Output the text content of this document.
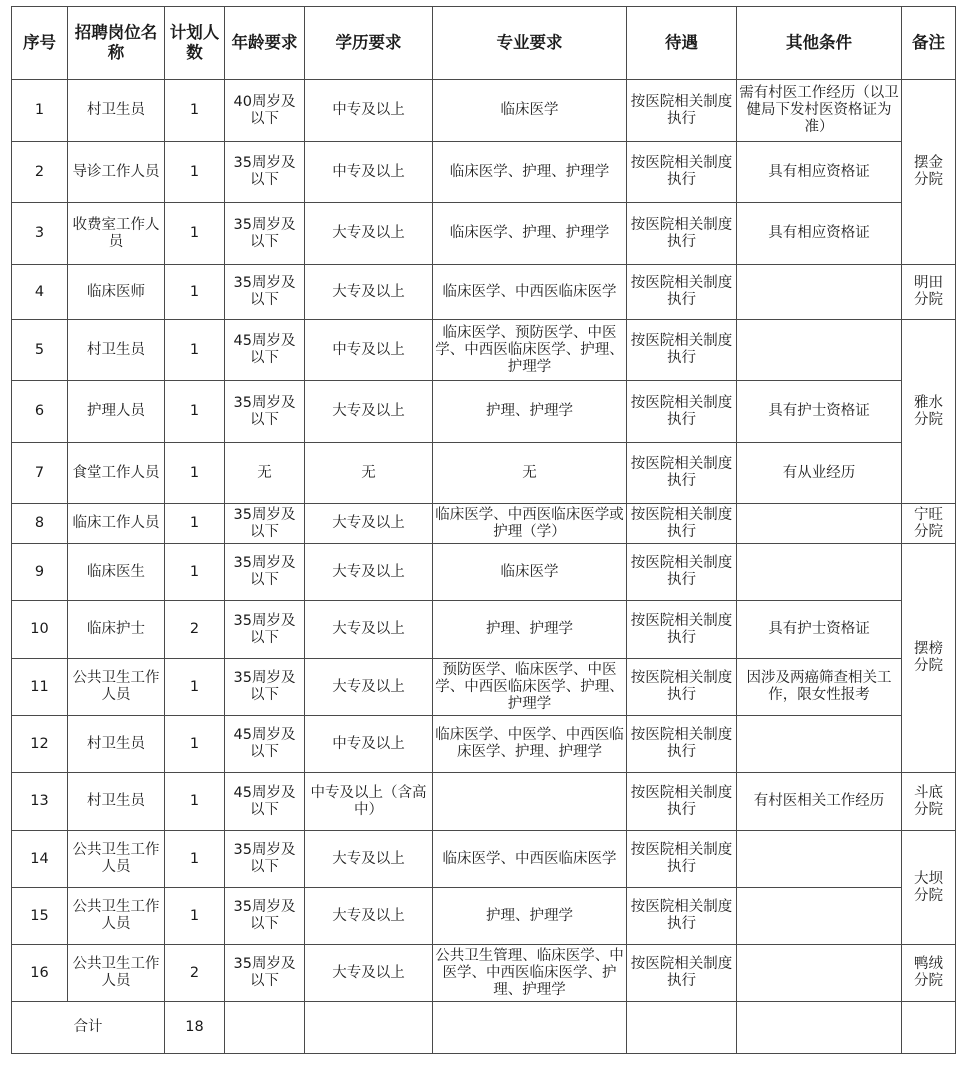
序号	招聘岗位名称	计划人数	年龄要求	学历要求	专业要求	待遇	其他条件	备注
1	村卫生员	1	40周岁及以下	中专及以上	临床医学	按医院相关制度执行	需有村医工作经历（以卫健局下发村医资格证为准）	摆金分院
2	导诊工作人员	1	35周岁及以下	中专及以上	临床医学、护理、护理学	按医院相关制度执行	具有相应资格证	
3	收费室工作人员	1	35周岁及以下	大专及以上	临床医学、护理、护理学	按医院相关制度执行	具有相应资格证	
4	临床医师	1	35周岁及以下	大专及以上	临床医学、中西医临床医学	按医院相关制度执行		明田分院
5	村卫生员	1	45周岁及以下	中专及以上	临床医学、预防医学、中医学、中西医临床医学、护理、护理学	按医院相关制度执行		雅水分院
6	护理人员	1	35周岁及以下	大专及以上	护理、护理学	按医院相关制度执行	具有护士资格证	
7	食堂工作人员	1	无	无	无	按医院相关制度执行	有从业经历	
8	临床工作人员	1	35周岁及以下	大专及以上	临床医学、中西医临床医学或护理（学）	按医院相关制度执行		宁旺分院
9	临床医生	1	35周岁及以下	大专及以上	临床医学	按医院相关制度执行		摆榜分院
10	临床护士	2	35周岁及以下	大专及以上	护理、护理学	按医院相关制度执行	具有护士资格证	
11	公共卫生工作人员	1	35周岁及以下	大专及以上	预防医学、临床医学、中医学、中西医临床医学、护理、护理学	按医院相关制度执行	因涉及两癌筛查相关工作，限女性报考	
12	村卫生员	1	45周岁及以下	中专及以上	临床医学、中医学、中西医临床医学、护理、护理学	按医院相关制度执行		
13	村卫生员	1	45周岁及以下	中专及以上（含高中）		按医院相关制度执行	有村医相关工作经历	斗底分院
14	公共卫生工作人员	1	35周岁及以下	大专及以上	临床医学、中西医临床医学	按医院相关制度执行		大坝分院
15	公共卫生工作人员	1	35周岁及以下	大专及以上	护理、护理学	按医院相关制度执行		
16	公共卫生工作人员	2	35周岁及以下	大专及以上	公共卫生管理、临床医学、中医学、中西医临床医学、护理、护理学	按医院相关制度执行		鸭绒分院
合计		18						
